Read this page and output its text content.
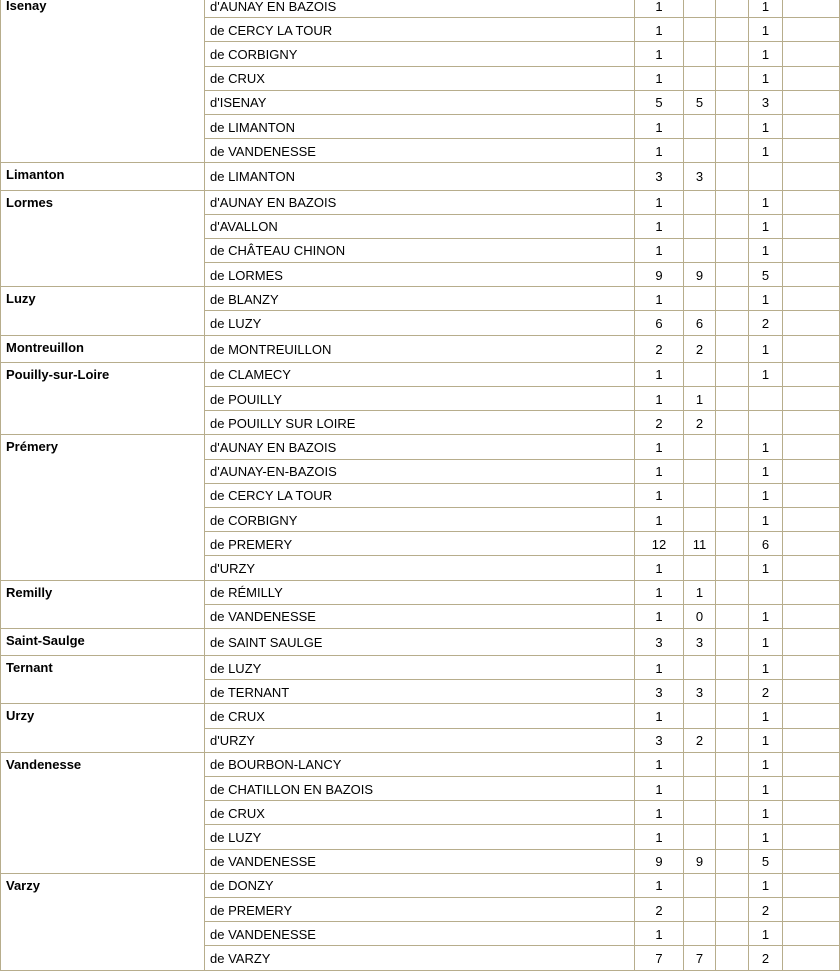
Isenay	d'AUNAY EN BAZOIS	1			1	
	de CERCY LA TOUR	1			1	
	de CORBIGNY	1			1	
	de CRUX	1			1	
	d'ISENAY	5	5		3	
	de LIMANTON	1			1	
	de VANDENESSE	1			1	
Limanton	de LIMANTON	3	3			
Lormes	d'AUNAY EN BAZOIS	1			1	
	d'AVALLON	1			1	
	de CHÂTEAU CHINON	1			1	
	de LORMES	9	9		5	
Luzy	de BLANZY	1			1	
	de LUZY	6	6		2	
Montreuillon	de MONTREUILLON	2	2		1	
Pouilly-sur-Loire	de CLAMECY	1			1	
	de POUILLY	1	1			
	de POUILLY SUR LOIRE	2	2			
Prémery	d'AUNAY EN BAZOIS	1			1	
	d'AUNAY-EN-BAZOIS	1			1	
	de CERCY LA TOUR	1			1	
	de CORBIGNY	1			1	
	de PREMERY	12	11		6	
	d'URZY	1			1	
Remilly	de RÉMILLY	1	1			
	de VANDENESSE	1	0		1	
Saint-Saulge	de SAINT SAULGE	3	3		1	
Ternant	de LUZY	1			1	
	de TERNANT	3	3		2	
Urzy	de CRUX	1			1	
	d'URZY	3	2		1	
Vandenesse	de BOURBON-LANCY	1			1	
	de CHATILLON EN BAZOIS	1			1	
	de CRUX	1			1	
	de LUZY	1			1	
	de VANDENESSE	9	9		5	
Varzy	de DONZY	1			1	
	de PREMERY	2			2	
	de VANDENESSE	1			1	
	de VARZY	7	7		2	
